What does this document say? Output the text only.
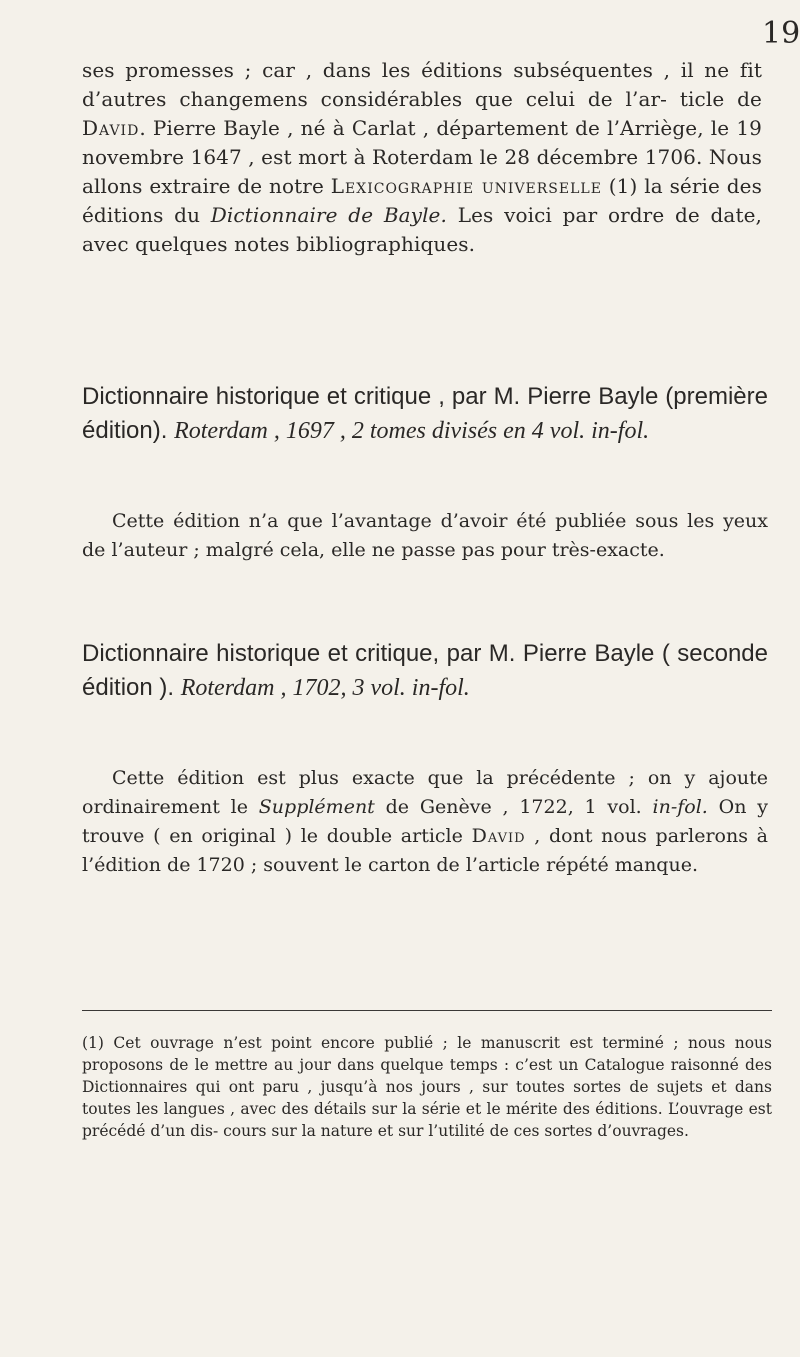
19

ses promesses ; car , dans les éditions subséquentes , il ne fit d’autres changemens considérables que celui de l’ar- ticle de David. Pierre Bayle , né à Carlat , département de l’Arriège, le 19 novembre 1647 , est mort à Roterdam le 28 décembre 1706. Nous allons extraire de notre Lexicographie universelle (1) la série des éditions du Dictionnaire de Bayle. Les voici par ordre de date, avec quelques notes bibliographiques.

Dictionnaire historique et critique , par M. Pierre Bayle (première édition). Roterdam , 1697 , 2 tomes divisés en 4 vol. in-fol.

Cette édition n’a que l’avantage d’avoir été publiée sous les yeux de l’auteur ; malgré cela, elle ne passe pas pour très-exacte.

Dictionnaire historique et critique, par M. Pierre Bayle ( seconde édition ). Roterdam , 1702, 3 vol. in-fol.

Cette édition est plus exacte que la précédente ; on y ajoute ordinairement le Supplément de Genève , 1722, 1 vol. in-fol. On y trouve ( en original ) le double article David , dont nous parlerons à l’édition de 1720 ; souvent le carton de l’article répété manque.

(1) Cet ouvrage n’est point encore publié ; le manuscrit est terminé ; nous nous proposons de le mettre au jour dans quelque temps : c’est un Catalogue raisonné des Dictionnaires qui ont paru , jusqu’à nos jours , sur toutes sortes de sujets et dans toutes les langues , avec des détails sur la série et le mérite des éditions. L’ouvrage est précédé d’un dis- cours sur la nature et sur l’utilité de ces sortes d’ouvrages.
